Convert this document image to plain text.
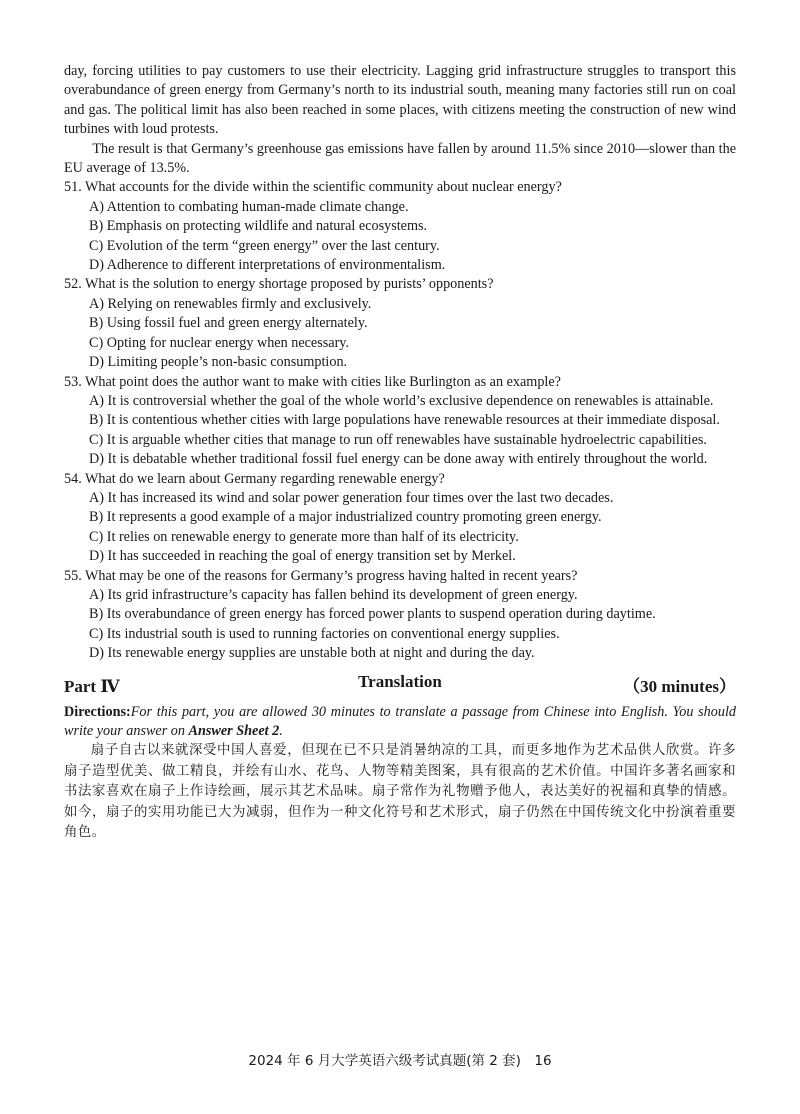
day, forcing utilities to pay customers to use their electricity. Lagging grid infrastructure struggles to transport this overabundance of green energy from Germany’s north to its industrial south, meaning many factories still run on coal and gas. The political limit has also been reached in some places, with citizens meeting the construction of new wind turbines with loud protests.

The result is that Germany’s greenhouse gas emissions have fallen by around 11.5% since 2010—slower than the EU average of 13.5%.

51. What accounts for the divide within the scientific community about nuclear energy?

A) Attention to combating human-made climate change.

B) Emphasis on protecting wildlife and natural ecosystems.

C) Evolution of the term “green energy” over the last century.

D) Adherence to different interpretations of environmentalism.

52. What is the solution to energy shortage proposed by purists’ opponents?

A) Relying on renewables firmly and exclusively.

B) Using fossil fuel and green energy alternately.

C) Opting for nuclear energy when necessary.

D) Limiting people’s non-basic consumption.

53. What point does the author want to make with cities like Burlington as an example?

A) It is controversial whether the goal of the whole world’s exclusive dependence on renewables is attainable.

B) It is contentious whether cities with large populations have renewable resources at their immediate disposal.

C) It is arguable whether cities that manage to run off renewables have sustainable hydroelectric capabilities.

D) It is debatable whether traditional fossil fuel energy can be done away with entirely throughout the world.

54. What do we learn about Germany regarding renewable energy?

A) It has increased its wind and solar power generation four times over the last two decades.

B) It represents a good example of a major industrialized country promoting green energy.

C) It relies on renewable energy to generate more than half of its electricity.

D) It has succeeded in reaching the goal of energy transition set by Merkel.

55. What may be one of the reasons for Germany’s progress having halted in recent years?

A) Its grid infrastructure’s capacity has fallen behind its development of green energy.

B) Its overabundance of green energy has forced power plants to suspend operation during daytime.

C) Its industrial south is used to running factories on conventional energy supplies.

D) Its renewable energy supplies are unstable both at night and during the day.

Part Ⅳ	Translation	（30 minutes）

Directions:For this part, you are allowed 30 minutes to translate a passage from Chinese into English. You should write your answer on Answer Sheet 2.

扇子自古以来就深受中国人喜爱，但现在已不只是消暑纳凉的工具，而更多地作为艺术品供人欣赏。许多扇子造型优美、做工精良，并绘有山水、花鸟、人物等精美图案，具有很高的艺术价值。中国许多著名画家和书法家喜欢在扇子上作诗绘画，展示其艺术品味。扇子常作为礼物赠予他人，表达美好的祝福和真挚的情感。如今，扇子的实用功能已大为减弱，但作为一种文化符号和艺术形式，扇子仍然在中国传统文化中扮演着重要角色。

2024 年 6 月大学英语六级考试真题(第 2 套)　16
